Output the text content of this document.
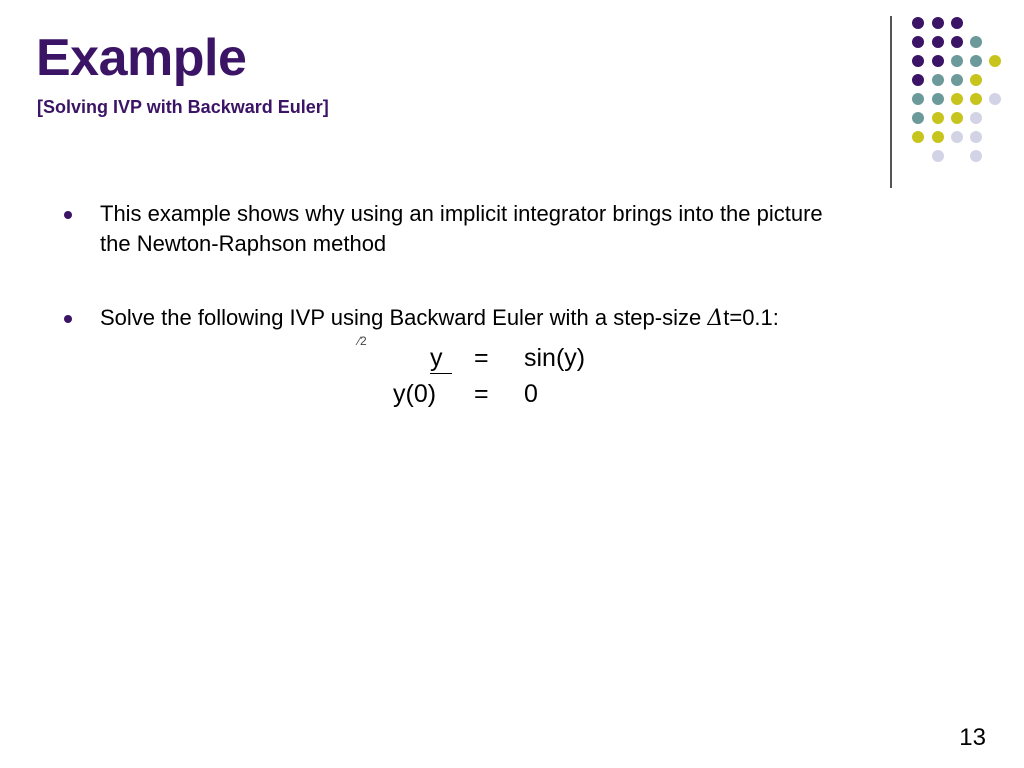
Example
[Solving IVP with Backward Euler]
This example shows why using an implicit integrator brings into the picture
the Newton-Raphson method
Solve the following IVP using Backward Euler with a step-size Δt=0.1:
⁄2
y = sin(y)
y(0) = 0
13
